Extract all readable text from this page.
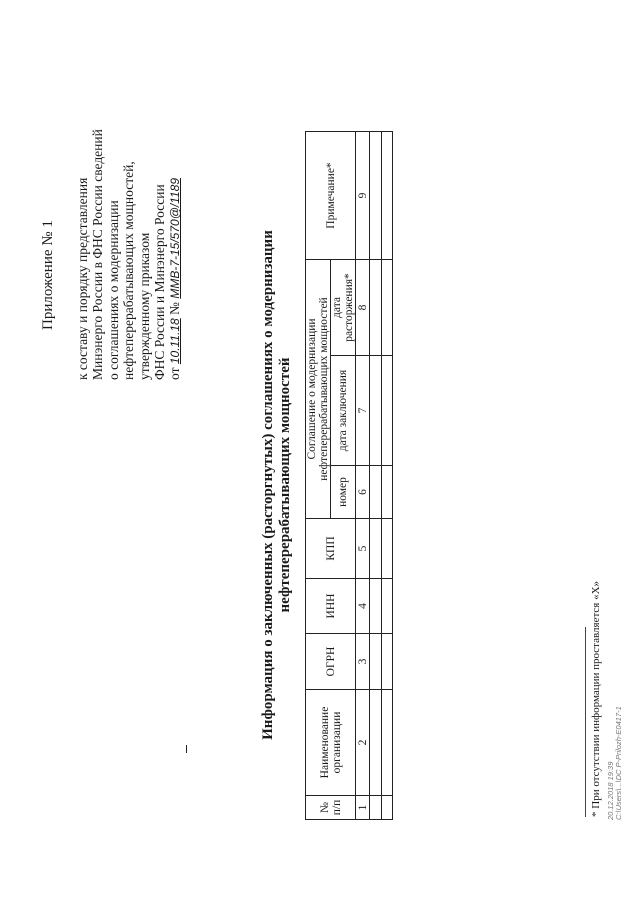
Приложение № 1 к составу и порядку представления Минэнерго России в ФНС России сведений о соглашениях о модернизации нефтеперерабатывающих мощностей, утвержденному приказом ФНС России и Минэнерго России от 10.11.18 № ММВ-7-15/570@/1189	Информация о заключенных (расторгнутых) соглашениях о модернизации нефтеперерабатывающих мощностей
№ п/п	Наименование организации	ОГРН	ИНН	КПП	Соглашение о модернизации нефтеперерабатывающих мощностей			Примечание*
					номер	дата заключения	дата расторжения*	
1	2	3	4	5	6	7	8	9

* При отсутствии информации проставляется «Х» 20.12.2018 19:39 С:\Users\...\DC P-Prilozh-E0417-1
